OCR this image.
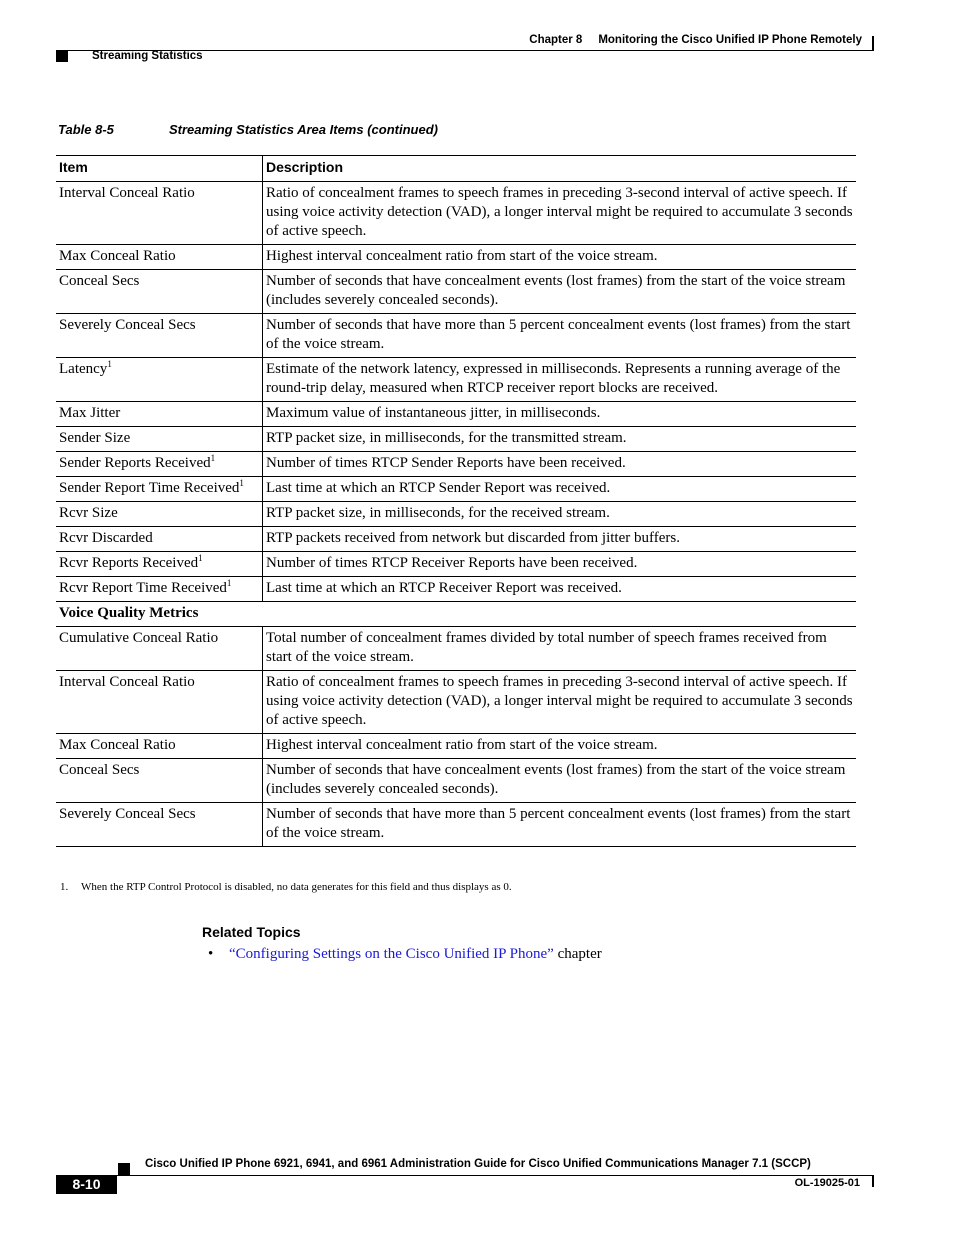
Chapter 8 Monitoring the Cisco Unified IP Phone Remotely
Streaming Statistics
Table 8-5	Streaming Statistics Area Items (continued)
Item	Description
Interval Conceal Ratio	Ratio of concealment frames to speech frames in preceding 3-second interval of active speech. If using voice activity detection (VAD), a longer interval might be required to accumulate 3 seconds of active speech.
Max Conceal Ratio	Highest interval concealment ratio from start of the voice stream.
Conceal Secs	Number of seconds that have concealment events (lost frames) from the start of the voice stream (includes severely concealed seconds).
Severely Conceal Secs	Number of seconds that have more than 5 percent concealment events (lost frames) from the start of the voice stream.
Latency$^1$	Estimate of the network latency, expressed in milliseconds. Represents a running average of the round-trip delay, measured when RTCP receiver report blocks are received.
Max Jitter	Maximum value of instantaneous jitter, in milliseconds.
Sender Size	RTP packet size, in milliseconds, for the transmitted stream.
Sender Reports Received$^1$	Number of times RTCP Sender Reports have been received.
Sender Report Time Received$^1$	Last time at which an RTCP Sender Report was received.
Rcvr Size	RTP packet size, in milliseconds, for the received stream.
Rcvr Discarded	RTP packets received from network but discarded from jitter buffers.
Rcvr Reports Received$^1$	Number of times RTCP Receiver Reports have been received.
Rcvr Report Time Received$^1$	Last time at which an RTCP Receiver Report was received.
Voice Quality Metrics	
Cumulative Conceal Ratio	Total number of concealment frames divided by total number of speech frames received from start of the voice stream.
Interval Conceal Ratio	Ratio of concealment frames to speech frames in preceding 3-second interval of active speech. If using voice activity detection (VAD), a longer interval might be required to accumulate 3 seconds of active speech.
Max Conceal Ratio	Highest interval concealment ratio from start of the voice stream.
Conceal Secs	Number of seconds that have concealment events (lost frames) from the start of the voice stream (includes severely concealed seconds).
Severely Conceal Secs	Number of seconds that have more than 5 percent concealment events (lost frames) from the start of the voice stream.
1. When the RTP Control Protocol is disabled, no data generates for this field and thus displays as 0.
Related Topics
• “Configuring Settings on the Cisco Unified IP Phone” chapter
Cisco Unified IP Phone 6921, 6941, and 6961 Administration Guide for Cisco Unified Communications Manager 7.1 (SCCP)
8-10	OL-19025-01
